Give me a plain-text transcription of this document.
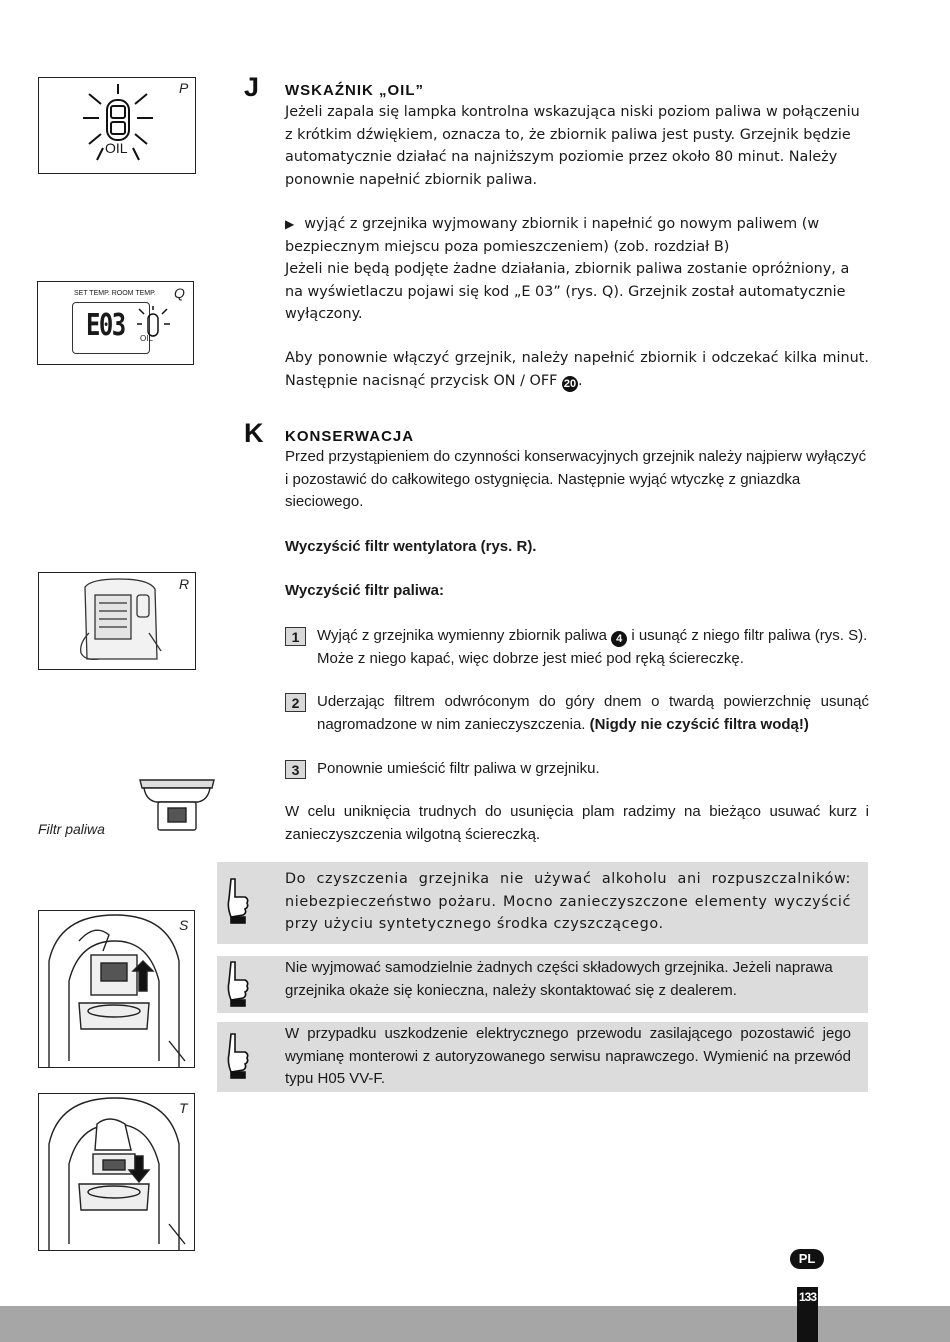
OIL
P J
SET TEMP. ROOM TEMP.
E03 OIL
Q
WSKAŹNIK „OIL”

Jeżeli zapala się lampka kontrolna wskazująca niski poziom paliwa w połączeniu z krótkim dźwiękiem, oznacza to, że zbiornik paliwa jest pusty. Grzejnik będzie automatycznie działać na najniższym poziomie przez około 80 minut. Należy ponownie napełnić zbiornik paliwa.

▶ wyjąć z grzejnika wyjmowany zbiornik i napełnić go nowym paliwem (w bezpiecznym miejscu poza pomieszczeniem) (zob. rozdział B)

Jeżeli nie będą podjęte żadne działania, zbiornik paliwa zostanie opróżniony, a na wyświetlaczu pojawi się kod „E 03” (rys. Q). Grzejnik został automatycznie wyłączony.

Aby ponownie włączyć grzejnik, należy napełnić zbiornik i odczekać kilka minut. Następnie nacisnąć przycisk ON / OFF 20 .

K KONSERWACJA

Przed przystąpieniem do czynności konserwacyjnych grzejnik należy najpierw wyłączyć i pozostawić do całkowitego ostygnięcia. Następnie wyjąć wtyczkę z gniazdka sieciowego.

Wyczyścić filtr wentylatora (rys. R).

Wyczyścić filtr paliwa:

R
1	Wyjąć z grzejnika wymienny zbiornik paliwa 4 i usunąć z niego filtr paliwa (rys. S). Może z niego kapać, więc dobrze jest mieć pod ręką ścierеczkę.

2	Uderzając filtrem odwróconym do góry dnem o twardą powierzchnię usunąć nagromadzone w nim zanieczyszczenia. (Nigdy nie czyścić filtra wodą!)

3	Ponownie umieścić filtr paliwa w grzejniku.

Filtr paliwa

W celu uniknięcia trudnych do usunięcia plam radzimy na bieżąco usuwać kurz i zanieczyszczenia wilgotną ściereczką.

Do czyszczenia grzejnika nie używać alkoholu ani rozpuszczalników: niebezpieczeństwo pożaru. Mocno zanieczyszczone elementy wyczyścić przy użyciu syntetycznego środka czyszczącego.

Nie wyjmować samodzielnie żadnych części składowych grzejnika. Jeżeli naprawa grzejnika okaże się konieczna, należy skontaktować się z dealerem.

W przypadku uszkodzenie elektrycznego przewodu zasilającego pozostawić jego wymianę monterowi z autoryzowanego serwisu naprawczego. Wymienić na przewód typu H05 VV-F.

S
T
PL
133
